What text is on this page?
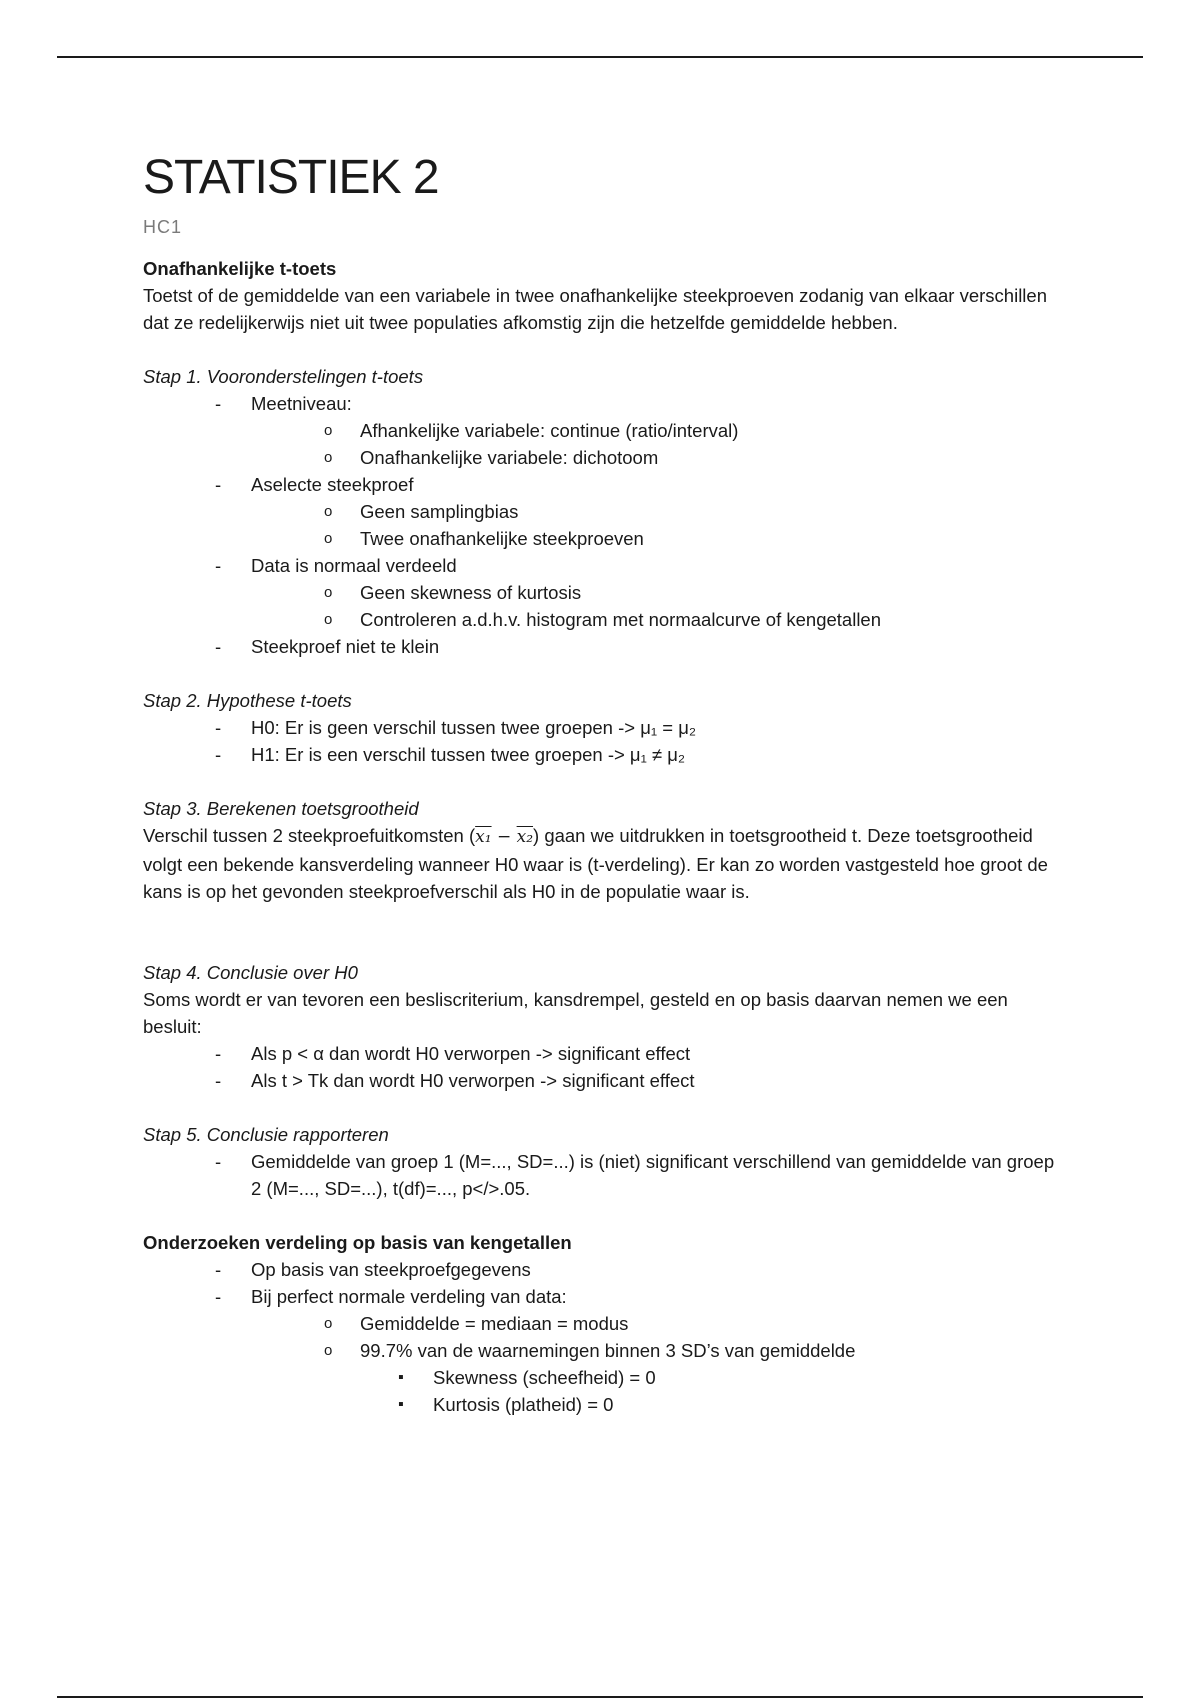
STATISTIEK 2
HC1

Onafhankelijke t-toets

Toetst of de gemiddelde van een variabele in twee onafhankelijke steekproeven zodanig van elkaar verschillen dat ze redelijkerwijs niet uit twee populaties afkomstig zijn die hetzelfde gemiddelde hebben.

Stap 1. Vooronderstelingen t-toets

- Meetniveau:
o Afhankelijke variabele: continue (ratio/interval)
o Onafhankelijke variabele: dichotoom
- Aselecte steekproef
o Geen samplingbias
o Twee onafhankelijke steekproeven
- Data is normaal verdeeld
o Geen skewness of kurtosis
o Controleren a.d.h.v. histogram met normaalcurve of kengetallen
- Steekproef niet te klein

Stap 2. Hypothese t-toets

- H0: Er is geen verschil tussen twee groepen -> μ₁ = μ₂
- H1: Er is een verschil tussen twee groepen -> μ₁ ≠ μ₂

Stap 3. Berekenen toetsgrootheid

Verschil tussen 2 steekproefuitkomsten (x₁ − x₂) gaan we uitdrukken in toetsgrootheid t. Deze toetsgrootheid volgt een bekende kansverdeling wanneer H0 waar is (t-verdeling). Er kan zo worden vastgesteld hoe groot de kans is op het gevonden steekproefverschil als H0 in de populatie waar is.

Stap 4. Conclusie over H0

Soms wordt er van tevoren een besliscriterium, kansdrempel, gesteld en op basis daarvan nemen we een besluit:

- Als p < α dan wordt H0 verworpen -> significant effect
- Als t > Tk dan wordt H0 verworpen -> significant effect

Stap 5. Conclusie rapporteren

- Gemiddelde van groep 1 (M=..., SD=...) is (niet) significant verschillend van gemiddelde van groep 2 (M=..., SD=...), t(df)=..., p</>.05.

Onderzoeken verdeling op basis van kengetallen

- Op basis van steekproefgegevens
- Bij perfect normale verdeling van data:
o Gemiddelde = mediaan = modus
o 99.7% van de waarnemingen binnen 3 SD’s van gemiddelde
▪ Skewness (scheefheid) = 0
▪ Kurtosis (platheid) = 0
